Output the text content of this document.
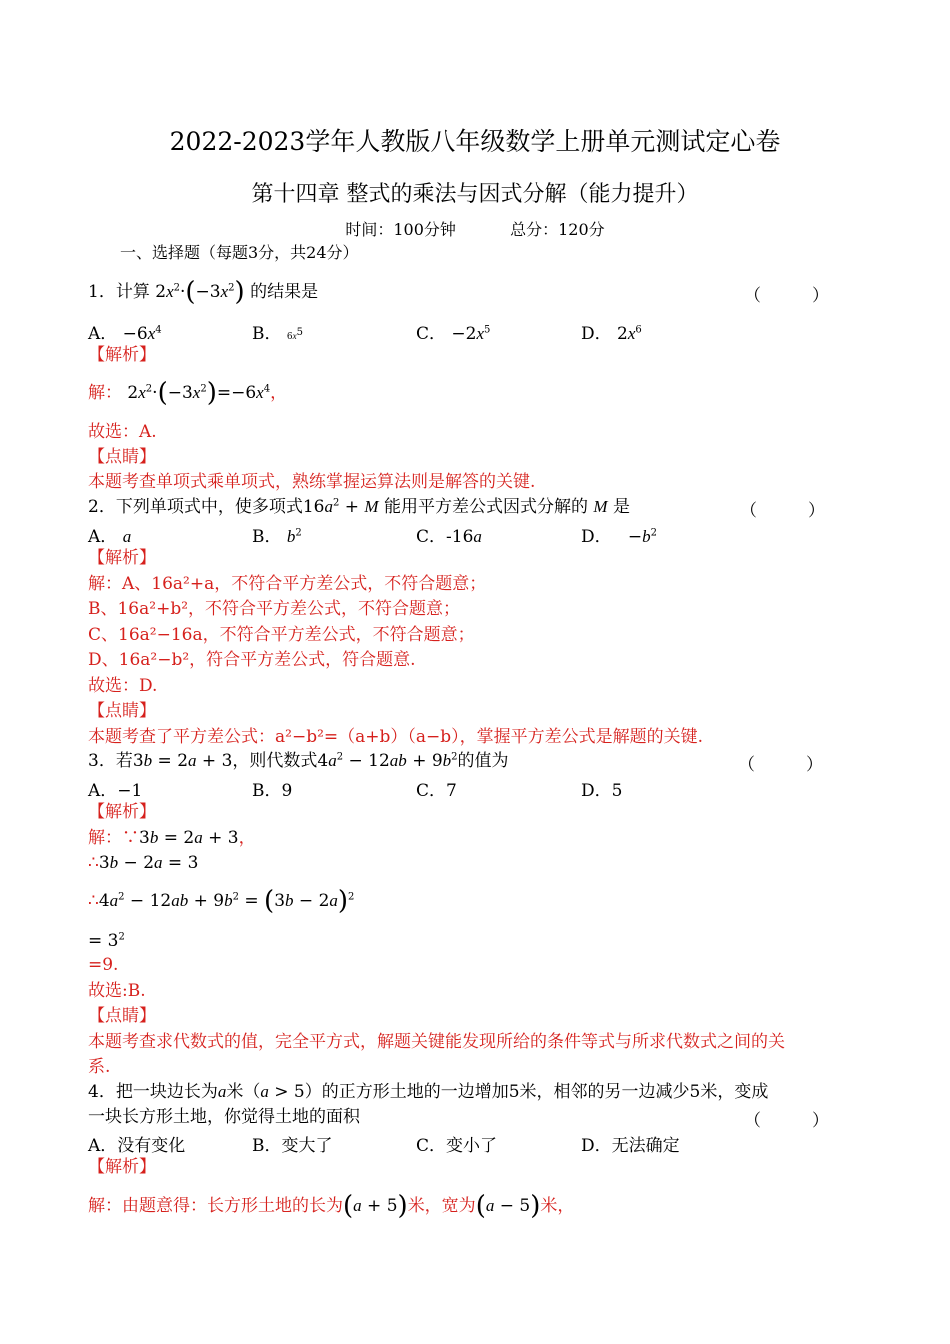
2022-2023学年人教版八年级数学上册单元测试定心卷
第十四章 整式的乘法与因式分解（能力提升）
时间：100分钟	总分：120分
一、选择题（每题3分，共24分）
1．计算 $2x^2\cdot(-3x^2)$ 的结果是	（　　　）
A． $-6x^4$	B． $6x^5$	C． $-2x^5$	D． $2x^6$
【解析】
解： $2x^2\cdot(-3x^2)=-6x^4$，
故选：A.
【点睛】
本题考查单项式乘单项式，熟练掌握运算法则是解答的关键.
2．下列单项式中，使多项式$16a^2 + M$ 能用平方差公式因式分解的 M 是	（　　　）
A． a	B． $b^2$	C．-16a	D．   $-b^2$
【解析】
解：A、16a²+a，不符合平方差公式，不符合题意；
B、16a²+b²，不符合平方差公式，不符合题意；
C、16a²−16a，不符合平方差公式，不符合题意；
D、16a²−b²，符合平方差公式，符合题意.
故选：D.
【点睛】
本题考查了平方差公式：a²−b²=（a+b）（a−b），掌握平方差公式是解题的关键.
3．若3b = 2a + 3，则代数式$4a^2 - 12ab + 9b^2$的值为	（　　　）
A．−1	B．9	C．7	D．5
【解析】
解：∵3b = 2a + 3，
∴3b − 2a = 3
$\therefore 4a^2 - 12ab + 9b^2 = (3b - 2a)^2$
= $3^2$
=9.
故选:B.
【点睛】
本题考查求代数式的值，完全平方式，解题关键能发现所给的条件等式与所求代数式之间的关
系.
4．把一块边长为a米（a > 5）的正方形土地的一边增加5米，相邻的另一边减少5米，变成
一块长方形土地，你觉得土地的面积	（　　　）
A．没有变化	B．变大了	C．变小了	D．无法确定
【解析】
解：由题意得：长方形土地的长为(a + 5)米，宽为(a − 5)米，
